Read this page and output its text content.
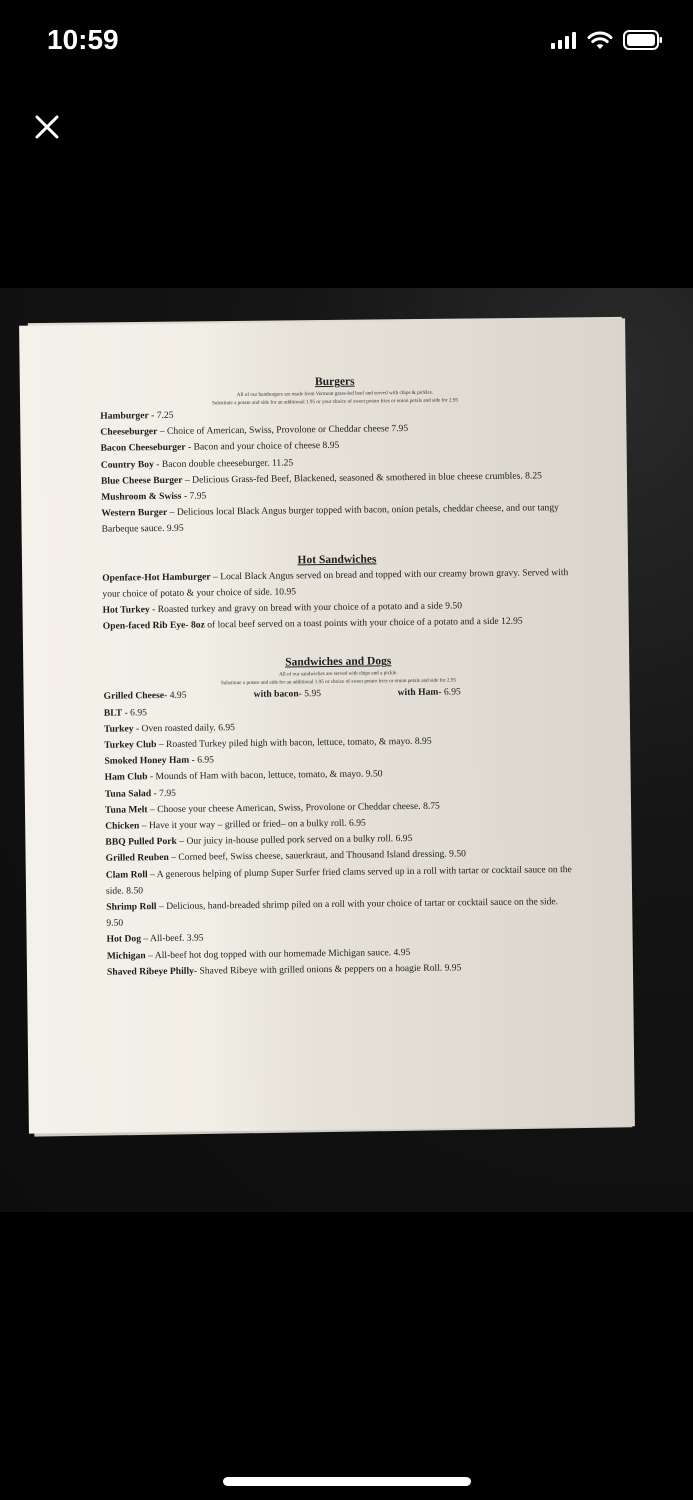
10:59

Burgers

All of our hamburgers are made from Vermont grass-fed beef and served with chips & pickles.

Substitute a potato and side for an additional 1.95 or your choice of sweet potato fries or onion petals and side for 2.95

Hamburger - 7.25

Cheeseburger – Choice of American, Swiss, Provolone or Cheddar cheese 7.95

Bacon Cheeseburger - Bacon and your choice of cheese 8.95

Country Boy - Bacon double cheeseburger. 11.25

Blue Cheese Burger – Delicious Grass-fed Beef, Blackened, seasoned & smothered in blue cheese crumbles. 8.25

Mushroom & Swiss - 7.95

Western Burger – Delicious local Black Angus burger topped with bacon, onion petals, cheddar cheese, and our tangy Barbeque sauce. 9.95

Hot Sandwiches

Openface-Hot Hamburger – Local Black Angus served on bread and topped with our creamy brown gravy. Served with your choice of potato & your choice of side. 10.95

Hot Turkey - Roasted turkey and gravy on bread with your choice of a potato and a side 9.50

Open-faced Rib Eye- 8oz of local beef served on a toast points with your choice of a potato and a side 12.95

Sandwiches and Dogs

All of our sandwiches are served with chips and a pickle.

Substitute a potato and side for an additional 1.95 or choice of sweet potato fries or onion petals and side for 2.95

Grilled Cheese- 4.95	with bacon- 5.95	with Ham- 6.95

BLT - 6.95

Turkey - Oven roasted daily. 6.95

Turkey Club – Roasted Turkey piled high with bacon, lettuce, tomato, & mayo. 8.95

Smoked Honey Ham - 6.95

Ham Club - Mounds of Ham with bacon, lettuce, tomato, & mayo. 9.50

Tuna Salad - 7.95

Tuna Melt – Choose your cheese American, Swiss, Provolone or Cheddar cheese. 8.75

Chicken – Have it your way – grilled or fried– on a bulky roll. 6.95

BBQ Pulled Pork – Our juicy in-house pulled pork served on a bulky roll. 6.95

Grilled Reuben – Corned beef, Swiss cheese, sauerkraut, and Thousand Island dressing. 9.50

Clam Roll – A generous helping of plump Super Surfer fried clams served up in a roll with tartar or cocktail sauce on the side. 8.50

Shrimp Roll – Delicious, hand-breaded shrimp piled on a roll with your choice of tartar or cocktail sauce on the side. 9.50

Hot Dog – All-beef. 3.95

Michigan – All-beef hot dog topped with our homemade Michigan sauce. 4.95

Shaved Ribeye Philly- Shaved Ribeye with grilled onions & peppers on a hoagie Roll. 9.95
